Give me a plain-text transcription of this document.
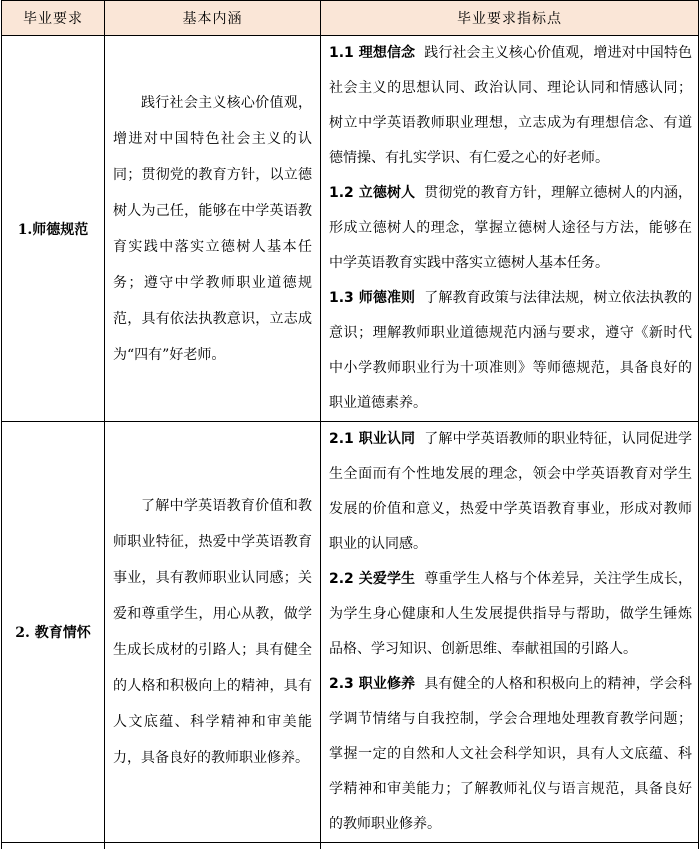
毕业要求	基本内涵	毕业要求指标点
1.师德规范	践行社会主义核心价值观，增进对中国特色社会主义的认同；贯彻党的教育方针，以立德树人为己任，能够在中学英语教育实践中落实立德树人基本任务；遵守中学教师职业道德规范，具有依法执教意识，立志成为“四有”好老师。	1.1 理想信念 践行社会主义核心价值观，增进对中国特色社会主义的思想认同、政治认同、理论认同和情感认同；树立中学英语教师职业理想，立志成为有理想信念、有道德情操、有扎实学识、有仁爱之心的好老师。
1.2 立德树人 贯彻党的教育方针，理解立德树人的内涵，形成立德树人的理念，掌握立德树人途径与方法，能够在中学英语教育实践中落实立德树人基本任务。
1.3 师德准则 了解教育政策与法律法规，树立依法执教的意识；理解教师职业道德规范内涵与要求，遵守《新时代中小学教师职业行为十项准则》等师德规范，具备良好的职业道德素养。

2. 教育情怀	了解中学英语教育价值和教师职业特征，热爱中学英语教育事业，具有教师职业认同感；关爱和尊重学生，用心从教，做学生成长成材的引路人；具有健全的人格和积极向上的精神，具有人文底蕴、科学精神和审美能力，具备良好的教师职业修养。	2.1 职业认同 了解中学英语教师的职业特征，认同促进学生全面而有个性地发展的理念，领会中学英语教育对学生发展的价值和意义，热爱中学英语教育事业，形成对教师职业的认同感。
2.2 关爱学生 尊重学生人格与个体差异，关注学生成长，为学生身心健康和人生发展提供指导与帮助，做学生锤炼品格、学习知识、创新思维、奉献祖国的引路人。
2.3 职业修养 具有健全的人格和积极向上的精神，学会科学调节情绪与自我控制，学会合理地处理教育教学问题；掌握一定的自然和人文社会科学知识，具有人文底蕴、科学精神和审美能力；了解教师礼仪与语言规范，具备良好的教师职业修养。
